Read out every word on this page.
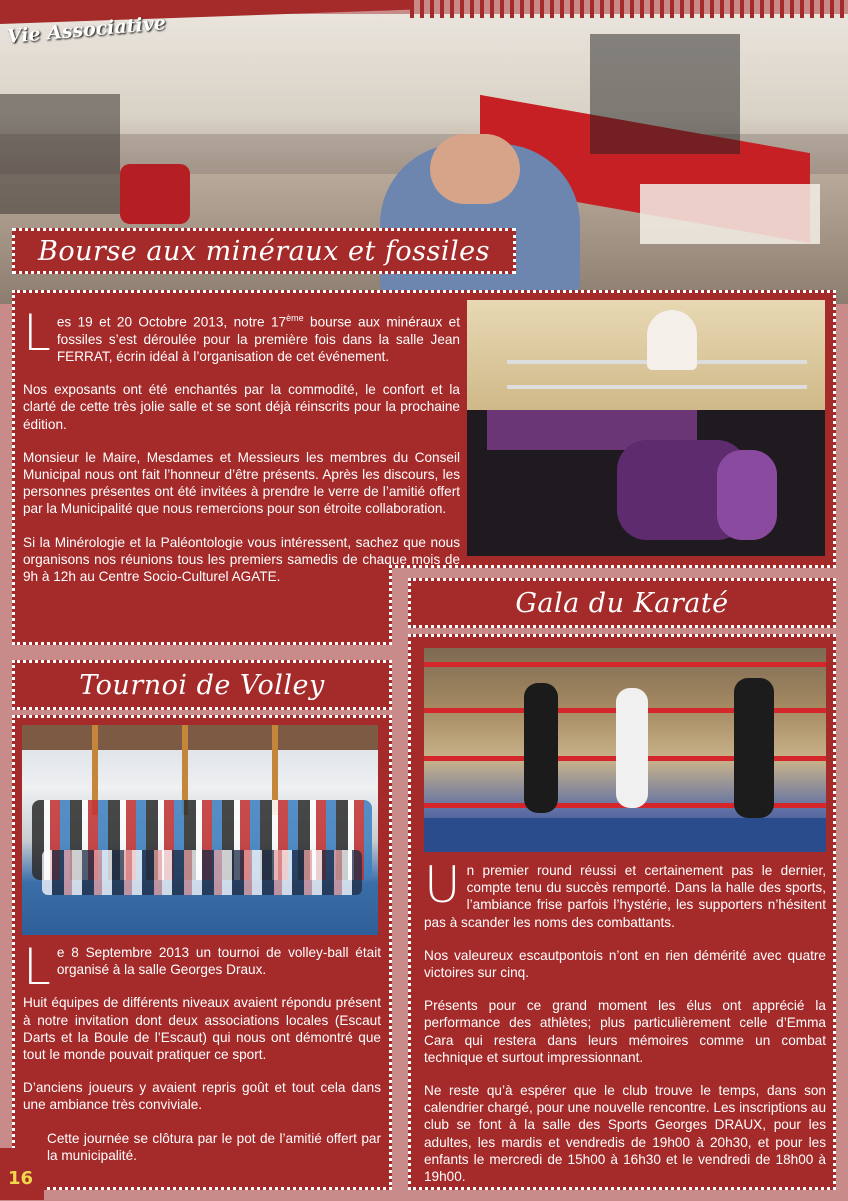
Vie Associative
Bourse aux minéraux et fossiles

Les 19 et 20 Octobre 2013, notre 17ème bourse aux minéraux et fossiles s’est déroulée pour la première fois dans la salle Jean FERRAT, écrin idéal à l’organisation de cet événement.

Nos exposants ont été enchantés par la commodité, le confort et la clarté de cette très jolie salle et se sont déjà réinscrits pour la prochaine édition.

Monsieur le Maire, Mesdames et Messieurs les membres du Conseil Municipal nous ont fait l’honneur d’être présents. Après les discours, les personnes présentes ont été invitées à prendre le verre de l’amitié offert par la Municipalité que nous remercions pour son étroite collaboration.

Si la Minérologie et la Paléontologie vous intéressent, sachez que nous organisons nos réunions tous les premiers samedis de chaque mois de 9h à 12h au Centre Socio-Culturel AGATE.

Tournoi de Volley

Le 8 Septembre 2013 un tournoi de volley-ball était organisé à la salle Georges Draux.

Huit équipes de différents niveaux avaient répondu présent à notre invitation dont deux associations locales (Escaut Darts et la Boule de l’Escaut) qui nous ont démontré que tout le monde pouvait pratiquer ce sport.

D’anciens joueurs y avaient repris goût et tout cela dans une ambiance très conviviale.

Cette journée se clôtura par le pot de l’amitié offert par la municipalité.

Gala du Karaté

Un premier round réussi et certainement pas le dernier, compte tenu du succès remporté. Dans la halle des sports, l’ambiance frise parfois l’hystérie, les supporters n’hésitent pas à scander les noms des combattants.

Nos valeureux escautpontois n’ont en rien démérité avec quatre victoires sur cinq.

Présents pour ce grand moment les élus ont apprécié la performance des athlètes; plus particulièrement celle d’Emma Cara qui restera dans leurs mémoires comme un combat technique et surtout impressionnant.

Ne reste qu’à espérer que le club trouve le temps, dans son calendrier chargé, pour une nouvelle rencontre. Les inscriptions au club se font à la salle des Sports Georges DRAUX, pour les adultes, les mardis et vendredis de 19h00 à 20h30, et pour les enfants le mercredi de 15h00 à 16h30 et le vendredi de 18h00 à 19h00.

16
